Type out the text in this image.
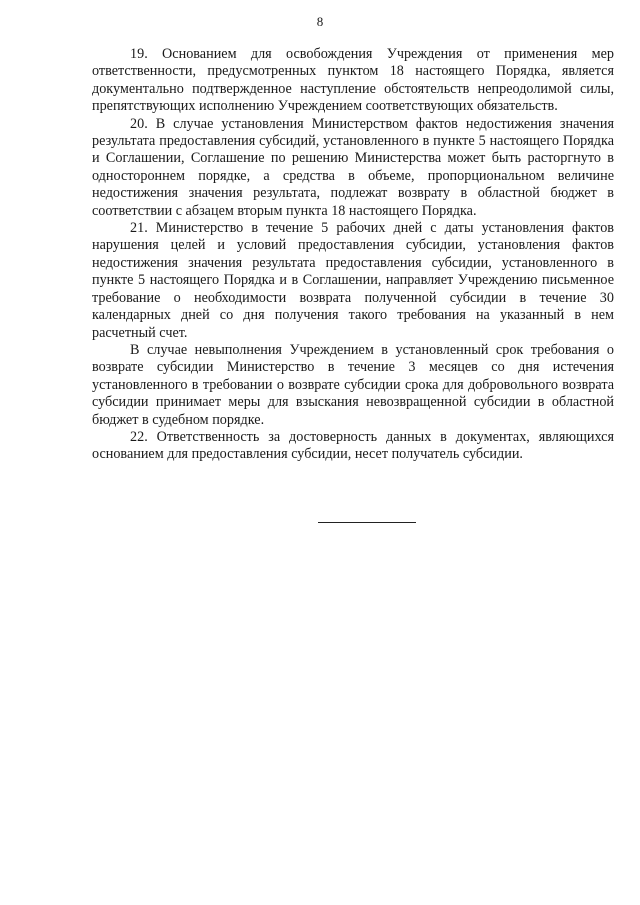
8

19. Основанием для освобождения Учреждения от применения мер ответственности, предусмотренных пунктом 18 настоящего Порядка, является документально подтвержденное наступление обстоятельств непреодолимой силы, препятствующих исполнению Учреждением соответствующих обязательств.

20. В случае установления Министерством фактов недостижения значения результата предоставления субсидий, установленного в пункте 5 настоящего Порядка и Соглашении, Соглашение по решению Министерства может быть расторгнуто в одностороннем порядке, а средства в объеме, пропорциональном величине недостижения значения результата, подлежат возврату в областной бюджет в соответствии с абзацем вторым пункта 18 настоящего Порядка.

21. Министерство в течение 5 рабочих дней с даты установления фактов нарушения целей и условий предоставления субсидии, установления фактов недостижения значения результата предоставления субсидии, установленного в пункте 5 настоящего Порядка и в Соглашении, направляет Учреждению письменное требование о необходимости возврата полученной субсидии в течение 30 календарных дней со дня получения такого требования на указанный в нем расчетный счет.

В случае невыполнения Учреждением в установленный срок требования о возврате субсидии Министерство в течение 3 месяцев со дня истечения установленного в требовании о возврате субсидии срока для добровольного возврата субсидии принимает меры для взыскания невозвращенной субсидии в областной бюджет в судебном порядке.

22. Ответственность за достоверность данных в документах, являющихся основанием для предоставления субсидии, несет получатель субсидии.
